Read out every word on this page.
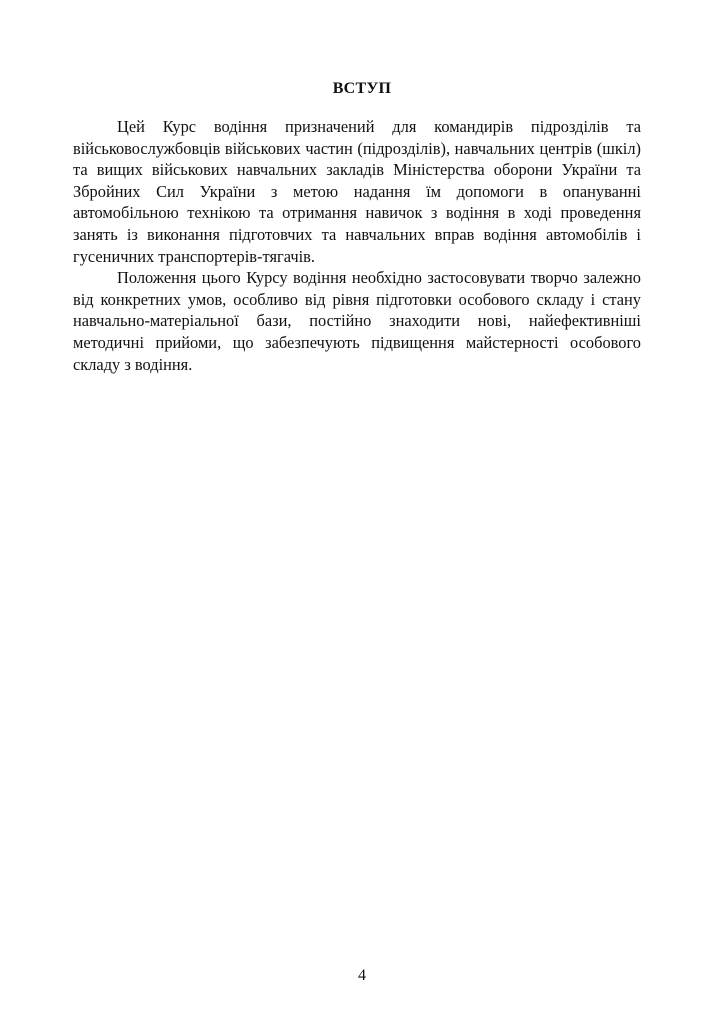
ВСТУП

Цей Курс водіння призначений для командирів підрозділів та військовослужбовців військових частин (підрозділів), навчальних центрів (шкіл) та вищих військових навчальних закладів Міністерства оборони України та Збройних Сил України з метою надання їм допомоги в опануванні автомобільною технікою та отримання навичок з водіння в ході проведення занять із виконання підготовчих та навчальних вправ водіння автомобілів і гусеничних транспортерів-тягачів.

Положення цього Курсу водіння необхідно застосовувати творчо залежно від конкретних умов, особливо від рівня підготовки особового складу і стану навчально-матеріальної бази, постійно знаходити нові, найефективніші методичні прийоми, що забезпечують підвищення майстерності особового складу з водіння.

4
